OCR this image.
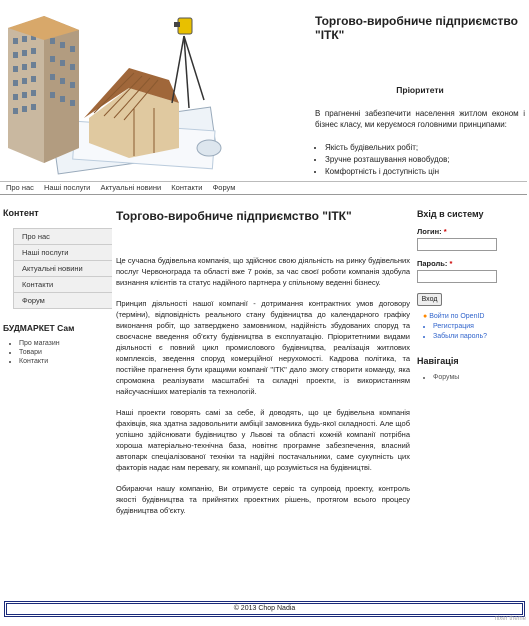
Торгово-виробниче підприємство "ІТК"
Пріоритети
В прагненні забезпечити населення житлом економ і бізнес класу, ми керуємося головними принципами:
• Якість будівельних робіт;
• Зручне розташування новобудов;
• Комфортність і доступність цін
Про нас Наші послуги Актуальні новини Контакти Форум
Контент
Про нас
Наші послуги
Актуальні новини
Контакти
Форум
БУДМАРКЕТ Сам
• Про магазин
• Товари
• Контакти
Торгово-виробниче підприємство "ІТК"

Це сучасна будівельна компанія, що здійснює свою діяльність на ринку будівельних послуг Червонограда та області вже 7 років, за час своєї роботи компанія здобула визнання клієнтів та статус надійного партнера у спільному веденні бізнесу.

Принцип діяльності нашої компанії - дотримання контрактних умов договору (терміни), відповідність реального стану будівництва до календарного графіку виконання робіт, що затверджено замовником, надійність збудованих споруд та своєчасне введення об'єкту будівництва в експлуатацію. Пріоритетними видами діяльності є повний цикл промислового будівництва, реалізація житлових комплексів, зведення споруд комерційної нерухомості. Кадрова політика, та постійне прагнення бути кращими компанії "ІТК" дало змогу створити команду, яка спроможна реалізувати масштабні та складні проекти, із використанням найсучасніших матеріалів та технологій.

Наші проекти говорять самі за себе, й доводять, що це будівельна компанія фахівців, яка здатна задовольнити амбіції замовника будь-якої складності. Але щоб успішно здійснювати будівництво у Львові та області кожній компанії потрібна хороша матеріально-технічна база, новітнє програмне забезпечення, власний автопарк спеціалізованої техніки та надійні постачальники, саме сукупність цих факторів надає нам перевагу, як компанії, що розуміється на будівництві.

Обираючи нашу компанію, Ви отримуєте сервіс та супровід проекту, контроль якості будівництва та прийнятих проектних рішень, протягом всього процесу будівництва об'єкту.

Вхід в систему
Логин: *
Пароль: *
Вход
● Войти по OpenID
• Регистрация
• Забыли пароль?
Навігація
• Форумы
© 2013 Chop Nadia
nixer theme
